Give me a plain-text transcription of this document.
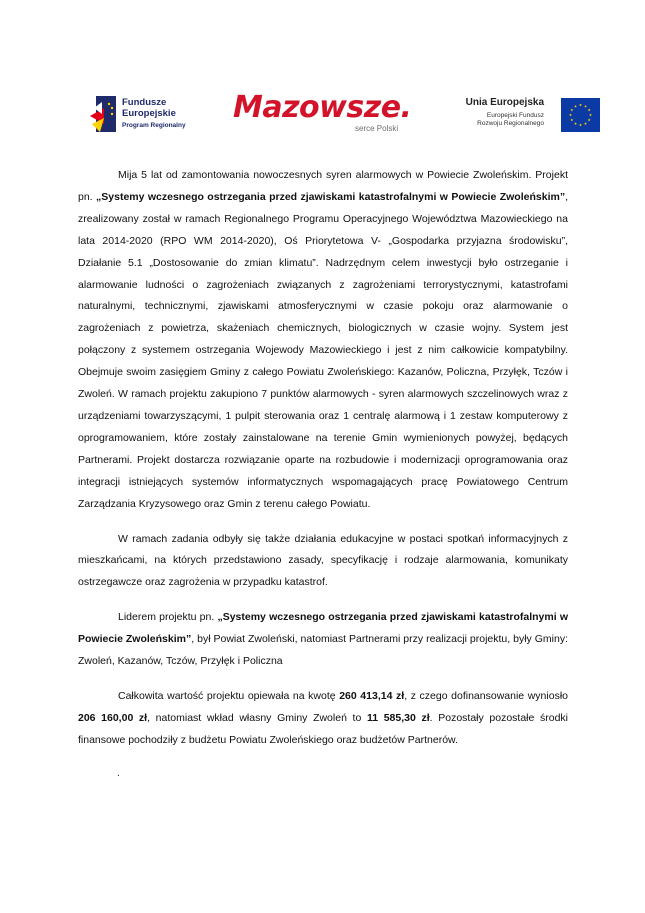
Fundusze
Europejskie
Program Regionalny
Mazowsze.
serce Polski
Unia Europejska
Europejski Fundusz
Rozwoju Regionalnego

Mija 5 lat od zamontowania nowoczesnych syren alarmowych w Powiecie Zwoleńskim. Projekt pn. „Systemy wczesnego ostrzegania przed zjawiskami katastrofalnymi w Powiecie Zwoleńskim”, zrealizowany został w ramach Regionalnego Programu Operacyjnego Województwa Mazowieckiego na lata 2014-2020 (RPO WM 2014-2020), Oś Priorytetowa V- „Gospodarka przyjazna środowisku”, Działanie 5.1 „Dostosowanie do zmian klimatu”. Nadrzędnym celem inwestycji było ostrzeganie i alarmowanie ludności o zagrożeniach związanych z zagrożeniami terrorystycznymi, katastrofami naturalnymi, technicznymi, zjawiskami atmosferycznymi w czasie pokoju oraz alarmowanie o zagrożeniach z powietrza, skażeniach chemicznych, biologicznych w czasie wojny. System jest połączony z systemem ostrzegania Wojewody Mazowieckiego i jest z nim całkowicie kompatybilny. Obejmuje swoim zasięgiem Gminy z całego Powiatu Zwoleńskiego: Kazanów, Policzna, Przyłęk, Tczów i Zwoleń. W ramach projektu zakupiono 7 punktów alarmowych - syren alarmowych szczelinowych wraz z urządzeniami towarzyszącymi, 1 pulpit sterowania oraz 1 centralę alarmową i 1 zestaw komputerowy z oprogramowaniem, które zostały zainstalowane na terenie Gmin wymienionych powyżej, będących Partnerami. Projekt dostarcza rozwiązanie oparte na rozbudowie i modernizacji oprogramowania oraz integracji istniejących systemów informatycznych wspomagających pracę Powiatowego Centrum Zarządzania Kryzysowego oraz Gmin z terenu całego Powiatu.

W ramach zadania odbyły się także działania edukacyjne w postaci spotkań informacyjnych z mieszkańcami, na których przedstawiono zasady, specyfikację i rodzaje alarmowania, komunikaty ostrzegawcze oraz zagrożenia w przypadku katastrof.

Liderem projektu pn. „Systemy wczesnego ostrzegania przed zjawiskami katastrofalnymi w Powiecie Zwoleńskim”, był Powiat Zwoleński, natomiast Partnerami przy realizacji projektu, były Gminy: Zwoleń, Kazanów, Tczów, Przyłęk i Policzna

Całkowita wartość projektu opiewała na kwotę 260 413,14 zł, z czego dofinansowanie wyniosło 206 160,00 zł, natomiast wkład własny Gminy Zwoleń to 11 585,30 zł. Pozostały pozostałe środki finansowe pochodziły z budżetu Powiatu Zwoleńskiego oraz budżetów Partnerów.

.
